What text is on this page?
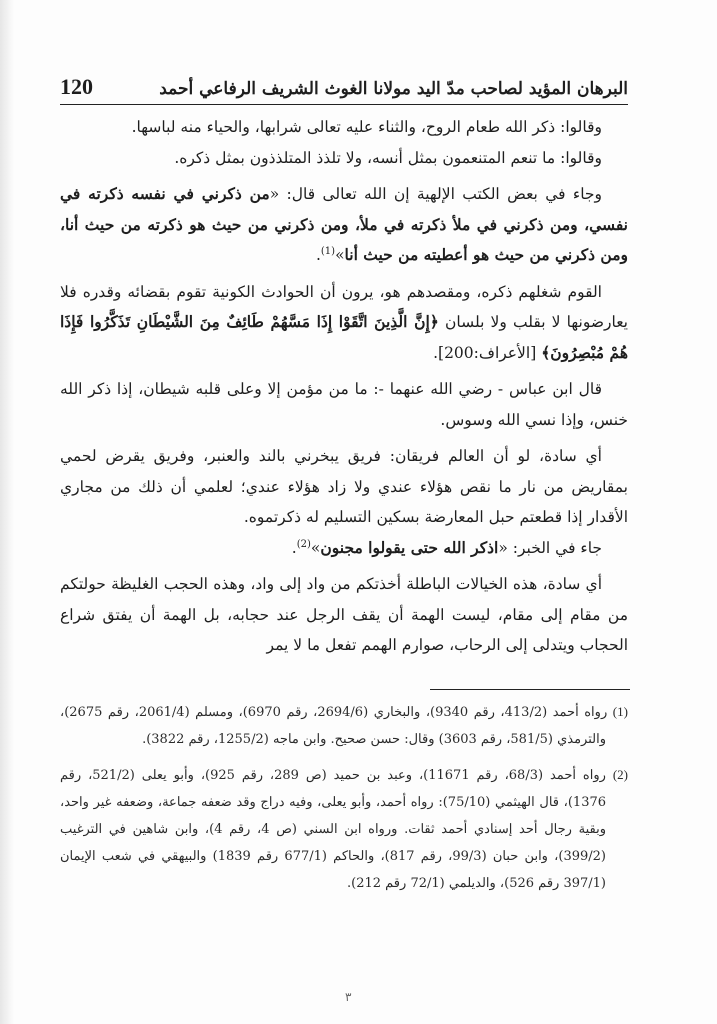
البرهان المؤيد لصاحب مدّ اليد مولانا الغوث الشريف الرفاعي أحمد
120

وقالوا: ذكر الله طعام الروح، والثناء عليه تعالى شرابها، والحياء منه لباسها.

وقالوا: ما تنعم المتنعمون بمثل أنسه، ولا تلذذ المتلذذون بمثل ذكره.

وجاء في بعض الكتب الإلهية إن الله تعالى قال: «من ذكرني في نفسه ذكرته في نفسي، ومن ذكرني في ملأ ذكرته في ملأ، ومن ذكرني من حيث هو ذكرته من حيث أنا، ومن ذكرني من حيث هو أعطيته من حيث أنا»$^{(1)}$.

القوم شغلهم ذكره، ومقصدهم هو، يرون أن الحوادث الكونية تقوم بقضائه وقدره فلا يعارضونها لا بقلب ولا بلسان ﴿إِنَّ الَّذِينَ اتَّقَوْا إِذَا مَسَّهُمْ طَائِفٌ مِنَ الشَّيْطَانِ تَذَكَّرُوا فَإِذَا هُمْ مُبْصِرُونَ﴾ [الأعراف:200].

قال ابن عباس - رضي الله عنهما -: ما من مؤمن إلا وعلى قلبه شيطان، إذا ذكر الله خنس، وإذا نسي الله وسوس.

أي سادة، لو أن العالم فريقان: فريق يبخرني بالند والعنبر، وفريق يقرض لحمي بمقاريض من نار ما نقص هؤلاء عندي ولا زاد هؤلاء عندي؛ لعلمي أن ذلك من مجاري الأقدار إذا قطعتم حبل المعارضة بسكين التسليم له ذكرتموه.

جاء في الخبر: «اذكر الله حتى يقولوا مجنون»$^{(2)}$.

أي سادة، هذه الخيالات الباطلة أخذتكم من واد إلى واد، وهذه الحجب الغليظة حولتكم من مقام إلى مقام، ليست الهمة أن يقف الرجل عند حجابه، بل الهمة أن يفتق شراع الحجاب ويتدلى إلى الرحاب، صوارم الهمم تفعل ما لا يمر

(1) رواه أحمد (413/2، رقم 9340)، والبخاري (2694/6، رقم 6970)، ومسلم (2061/4، رقم 2675)، والترمذي (581/5، رقم 3603) وقال: حسن صحيح. وابن ماجه (1255/2، رقم 3822).

(2) رواه أحمد (68/3، رقم 11671)، وعبد بن حميد (ص 289، رقم 925)، وأبو يعلى (521/2، رقم 1376)، قال الهيثمي (75/10): رواه أحمد، وأبو يعلى، وفيه دراج وقد ضعفه جماعة، وضعفه غير واحد، وبقية رجال أحد إسنادي أحمد ثقات. ورواه ابن السني (ص 4، رقم 4)، وابن شاهين في الترغيب (399/2)، وابن حبان (99/3، رقم 817)، والحاكم (677/1 رقم 1839) والبيهقي في شعب الإيمان (397/1 رقم 526)، والديلمي (72/1 رقم 212).

٣
